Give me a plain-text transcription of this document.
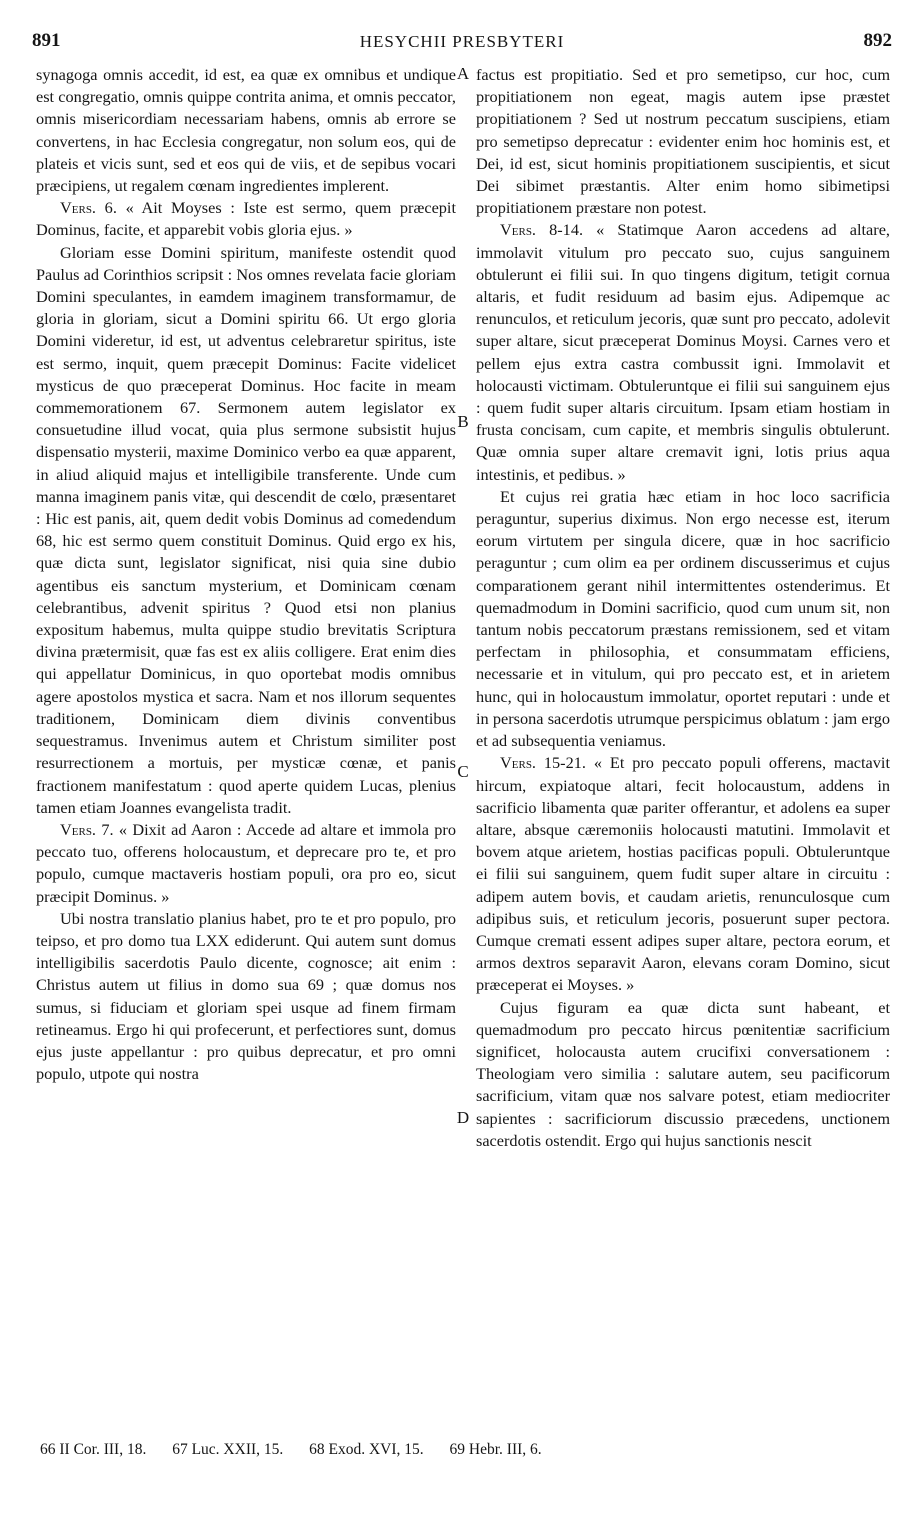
891	HESYCHII PRESBYTERI	892

synagoga omnis accedit, id est, ea quæ ex omnibus et undique est congregatio, omnis quippe contrita anima, et omnis peccator, omnis misericordiam necessariam habens, omnis ab errore se convertens, in hac Ecclesia congregatur, non solum eos, qui de plateis et vicis sunt, sed et eos qui de viis, et de sepibus vocari præcipiens, ut regalem cœnam ingredientes implerent.

Vers. 6. « Ait Moyses : Iste est sermo, quem præcepit Dominus, facite, et apparebit vobis gloria ejus. »

Gloriam esse Domini spiritum, manifeste ostendit quod Paulus ad Corinthios scripsit : Nos omnes revelata facie gloriam Domini speculantes, in eamdem imaginem transformamur, de gloria in gloriam, sicut a Domini spiritu 66. Ut ergo gloria Domini videretur, id est, ut adventus celebraretur spiritus, iste est sermo, inquit, quem præcepit Dominus: Facite videlicet mysticus de quo præceperat Dominus. Hoc facite in meam commemorationem 67. Sermonem autem legislator ex consuetudine illud vocat, quia plus sermone subsistit hujus dispensatio mysterii, maxime Dominico verbo ea quæ apparent, in aliud aliquid majus et intelligibile transferente. Unde cum manna imaginem panis vitæ, qui descendit de cœlo, præsentaret : Hic est panis, ait, quem dedit vobis Dominus ad comedendum 68, hic est sermo quem constituit Dominus. Quid ergo ex his, quæ dicta sunt, legislator significat, nisi quia sine dubio agentibus eis sanctum mysterium, et Dominicam cœnam celebrantibus, advenit spiritus ? Quod etsi non planius expositum habemus, multa quippe studio brevitatis Scriptura divina prætermisit, quæ fas est ex aliis colligere. Erat enim dies qui appellatur Dominicus, in quo oportebat modis omnibus agere apostolos mystica et sacra. Nam et nos illorum sequentes traditionem, Dominicam diem divinis conventibus sequestramus. Invenimus autem et Christum similiter post resurrectionem a mortuis, per mysticæ cœnæ, et panis fractionem manifestatum : quod aperte quidem Lucas, plenius tamen etiam Joannes evangelista tradit.

Vers. 7. « Dixit ad Aaron : Accede ad altare et immola pro peccato tuo, offerens holocaustum, et deprecare pro te, et pro populo, cumque mactaveris hostiam populi, ora pro eo, sicut præcipit Dominus. »

Ubi nostra translatio planius habet, pro te et pro populo, pro teipso, et pro domo tua LXX ediderunt. Qui autem sunt domus intelligibilis sacerdotis Paulo dicente, cognosce; ait enim : Christus autem ut filius in domo sua 69 ; quæ domus nos sumus, si fiduciam et gloriam spei usque ad finem firmam retineamus. Ergo hi qui profecerunt, et perfectiores sunt, domus ejus juste appellantur : pro quibus deprecatur, et pro omni populo, utpote qui nostra

A
B
C
D

factus est propitiatio. Sed et pro semetipso, cur hoc, cum propitiationem non egeat, magis autem ipse præstet propitiationem ? Sed ut nostrum peccatum suscipiens, etiam pro semetipso deprecatur : evidenter enim hoc hominis est, et Dei, id est, sicut hominis propitiationem suscipientis, et sicut Dei sibimet præstantis. Alter enim homo sibimetipsi propitiationem præstare non potest.

Vers. 8-14. « Statimque Aaron accedens ad altare, immolavit vitulum pro peccato suo, cujus sanguinem obtulerunt ei filii sui. In quo tingens digitum, tetigit cornua altaris, et fudit residuum ad basim ejus. Adipemque ac renunculos, et reticulum jecoris, quæ sunt pro peccato, adolevit super altare, sicut præceperat Dominus Moysi. Carnes vero et pellem ejus extra castra combussit igni. Immolavit et holocausti victimam. Obtuleruntque ei filii sui sanguinem ejus : quem fudit super altaris circuitum. Ipsam etiam hostiam in frusta concisam, cum capite, et membris singulis obtulerunt. Quæ omnia super altare cremavit igni, lotis prius aqua intestinis, et pedibus. »

Et cujus rei gratia hæc etiam in hoc loco sacrificia peraguntur, superius diximus. Non ergo necesse est, iterum eorum virtutem per singula dicere, quæ in hoc sacrificio peraguntur ; cum olim ea per ordinem discusserimus et cujus comparationem gerant nihil intermittentes ostenderimus. Et quemadmodum in Domini sacrificio, quod cum unum sit, non tantum nobis peccatorum præstans remissionem, sed et vitam perfectam in philosophia, et consummatam efficiens, necessarie et in vitulum, qui pro peccato est, et in arietem hunc, qui in holocaustum immolatur, oportet reputari : unde et in persona sacerdotis utrumque perspicimus oblatum : jam ergo et ad subsequentia veniamus.

Vers. 15-21. « Et pro peccato populi offerens, mactavit hircum, expiatoque altari, fecit holocaustum, addens in sacrificio libamenta quæ pariter offerantur, et adolens ea super altare, absque cæremoniis holocausti matutini. Immolavit et bovem atque arietem, hostias pacificas populi. Obtuleruntque ei filii sui sanguinem, quem fudit super altare in circuitu : adipem autem bovis, et caudam arietis, renunculosque cum adipibus suis, et reticulum jecoris, posuerunt super pectora. Cumque cremati essent adipes super altare, pectora eorum, et armos dextros separavit Aaron, elevans coram Domino, sicut præceperat ei Moyses. »

Cujus figuram ea quæ dicta sunt habeant, et quemadmodum pro peccato hircus pœnitentiæ sacrificium significet, holocausta autem crucifixi conversationem : Theologiam vero similia : salutare autem, seu pacificorum sacrificium, vitam quæ nos salvare potest, etiam mediocriter sapientes : sacrificiorum discussio præcedens, unctionem sacerdotis ostendit. Ergo qui hujus sanctionis nescit

66 II Cor. III, 18. 67 Luc. XXII, 15. 68 Exod. XVI, 15. 69 Hebr. III, 6.
